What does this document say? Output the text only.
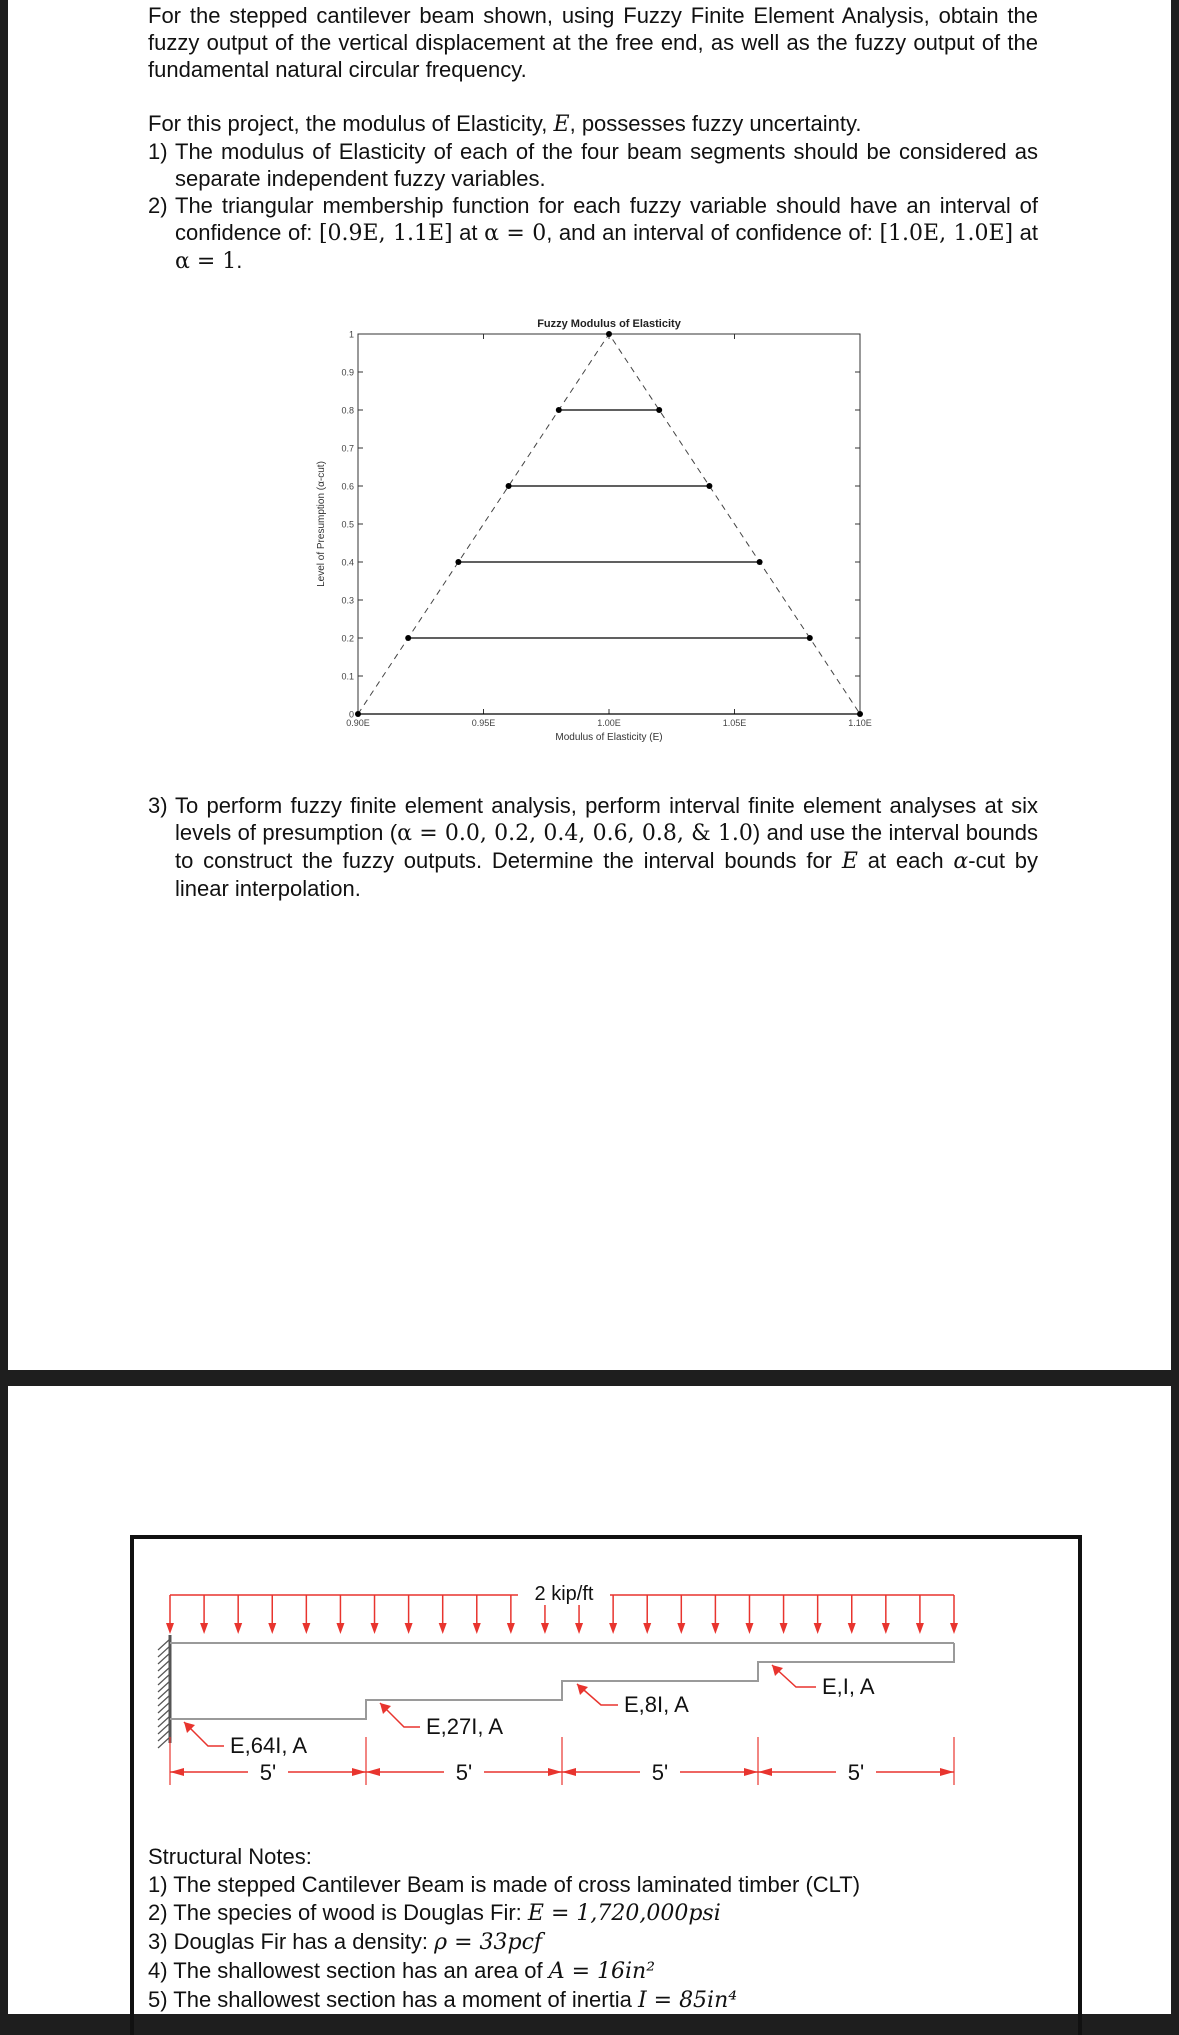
For the stepped cantilever beam shown, using Fuzzy Finite Element Analysis, obtain the fuzzy output of the vertical displacement at the free end, as well as the fuzzy output of the fundamental natural circular frequency.

For this project, the modulus of Elasticity, E, possesses fuzzy uncertainty.

1) The modulus of Elasticity of each of the four beam segments should be considered as separate independent fuzzy variables.
2) The triangular membership function for each fuzzy variable should have an interval of confidence of: [0.9E, 1.1E] at α = 0, and an interval of confidence of: [1.0E, 1.0E] at α = 1.
0
0.1
0.2
0.3
0.4
0.5
0.6
0.7
0.8
0.9
1
0.90E	0.95E	1.00E	1.05E	1.10E
Fuzzy Modulus of Elasticity
Modulus of Elasticity (E)
Level of Presumption (α-cut)
3) To perform fuzzy finite element analysis, perform interval finite element analyses at six levels of presumption (α = 0.0, 0.2, 0.4, 0.6, 0.8, & 1.0) and use the interval bounds to construct the fuzzy outputs. Determine the interval bounds for E at each α-cut by linear interpolation.
2 kip/ft
E,64I, A
E,27I, A
E,8I, A
E,I, A
5'	5'	5'	5'

Structural Notes:

1) The stepped Cantilever Beam is made of cross laminated timber (CLT)

2) The species of wood is Douglas Fir: E = 1,720,000psi

3) Douglas Fir has a density: ρ = 33pcf

4) The shallowest section has an area of A = 16in²

5) The shallowest section has a moment of inertia I = 85in⁴
